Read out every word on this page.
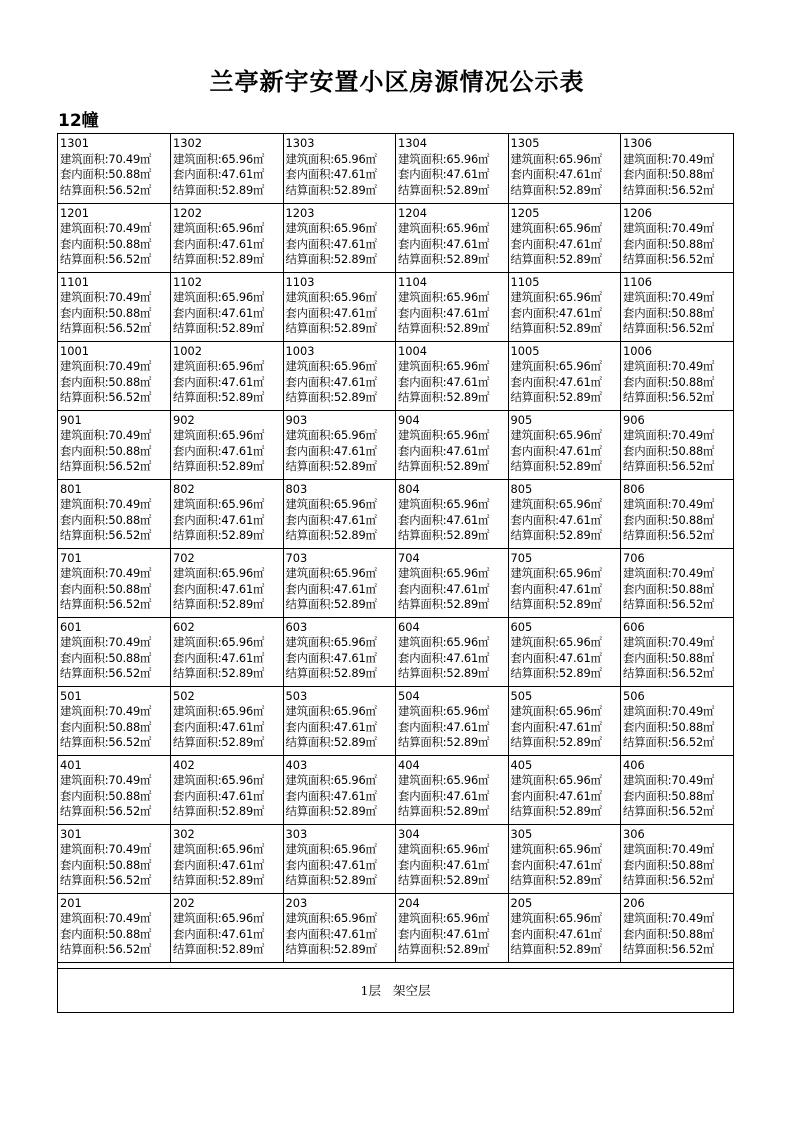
兰亭新宇安置小区房源情况公示表
12幢
1301
建筑面积:70.49㎡
套内面积:50.88㎡
结算面积:56.52㎡	1302
建筑面积:65.96㎡
套内面积:47.61㎡
结算面积:52.89㎡	1303
建筑面积:65.96㎡
套内面积:47.61㎡
结算面积:52.89㎡	1304
建筑面积:65.96㎡
套内面积:47.61㎡
结算面积:52.89㎡	1305
建筑面积:65.96㎡
套内面积:47.61㎡
结算面积:52.89㎡	1306
建筑面积:70.49㎡
套内面积:50.88㎡
结算面积:56.52㎡

1201
建筑面积:70.49㎡
套内面积:50.88㎡
结算面积:56.52㎡	1202
建筑面积:65.96㎡
套内面积:47.61㎡
结算面积:52.89㎡	1203
建筑面积:65.96㎡
套内面积:47.61㎡
结算面积:52.89㎡	1204
建筑面积:65.96㎡
套内面积:47.61㎡
结算面积:52.89㎡	1205
建筑面积:65.96㎡
套内面积:47.61㎡
结算面积:52.89㎡	1206
建筑面积:70.49㎡
套内面积:50.88㎡
结算面积:56.52㎡

1101
建筑面积:70.49㎡
套内面积:50.88㎡
结算面积:56.52㎡	1102
建筑面积:65.96㎡
套内面积:47.61㎡
结算面积:52.89㎡	1103
建筑面积:65.96㎡
套内面积:47.61㎡
结算面积:52.89㎡	1104
建筑面积:65.96㎡
套内面积:47.61㎡
结算面积:52.89㎡	1105
建筑面积:65.96㎡
套内面积:47.61㎡
结算面积:52.89㎡	1106
建筑面积:70.49㎡
套内面积:50.88㎡
结算面积:56.52㎡

1001
建筑面积:70.49㎡
套内面积:50.88㎡
结算面积:56.52㎡	1002
建筑面积:65.96㎡
套内面积:47.61㎡
结算面积:52.89㎡	1003
建筑面积:65.96㎡
套内面积:47.61㎡
结算面积:52.89㎡	1004
建筑面积:65.96㎡
套内面积:47.61㎡
结算面积:52.89㎡	1005
建筑面积:65.96㎡
套内面积:47.61㎡
结算面积:52.89㎡	1006
建筑面积:70.49㎡
套内面积:50.88㎡
结算面积:56.52㎡

901
建筑面积:70.49㎡
套内面积:50.88㎡
结算面积:56.52㎡	902
建筑面积:65.96㎡
套内面积:47.61㎡
结算面积:52.89㎡	903
建筑面积:65.96㎡
套内面积:47.61㎡
结算面积:52.89㎡	904
建筑面积:65.96㎡
套内面积:47.61㎡
结算面积:52.89㎡	905
建筑面积:65.96㎡
套内面积:47.61㎡
结算面积:52.89㎡	906
建筑面积:70.49㎡
套内面积:50.88㎡
结算面积:56.52㎡

801
建筑面积:70.49㎡
套内面积:50.88㎡
结算面积:56.52㎡	802
建筑面积:65.96㎡
套内面积:47.61㎡
结算面积:52.89㎡	803
建筑面积:65.96㎡
套内面积:47.61㎡
结算面积:52.89㎡	804
建筑面积:65.96㎡
套内面积:47.61㎡
结算面积:52.89㎡	805
建筑面积:65.96㎡
套内面积:47.61㎡
结算面积:52.89㎡	806
建筑面积:70.49㎡
套内面积:50.88㎡
结算面积:56.52㎡

701
建筑面积:70.49㎡
套内面积:50.88㎡
结算面积:56.52㎡	702
建筑面积:65.96㎡
套内面积:47.61㎡
结算面积:52.89㎡	703
建筑面积:65.96㎡
套内面积:47.61㎡
结算面积:52.89㎡	704
建筑面积:65.96㎡
套内面积:47.61㎡
结算面积:52.89㎡	705
建筑面积:65.96㎡
套内面积:47.61㎡
结算面积:52.89㎡	706
建筑面积:70.49㎡
套内面积:50.88㎡
结算面积:56.52㎡

601
建筑面积:70.49㎡
套内面积:50.88㎡
结算面积:56.52㎡	602
建筑面积:65.96㎡
套内面积:47.61㎡
结算面积:52.89㎡	603
建筑面积:65.96㎡
套内面积:47.61㎡
结算面积:52.89㎡	604
建筑面积:65.96㎡
套内面积:47.61㎡
结算面积:52.89㎡	605
建筑面积:65.96㎡
套内面积:47.61㎡
结算面积:52.89㎡	606
建筑面积:70.49㎡
套内面积:50.88㎡
结算面积:56.52㎡

501
建筑面积:70.49㎡
套内面积:50.88㎡
结算面积:56.52㎡	502
建筑面积:65.96㎡
套内面积:47.61㎡
结算面积:52.89㎡	503
建筑面积:65.96㎡
套内面积:47.61㎡
结算面积:52.89㎡	504
建筑面积:65.96㎡
套内面积:47.61㎡
结算面积:52.89㎡	505
建筑面积:65.96㎡
套内面积:47.61㎡
结算面积:52.89㎡	506
建筑面积:70.49㎡
套内面积:50.88㎡
结算面积:56.52㎡

401
建筑面积:70.49㎡
套内面积:50.88㎡
结算面积:56.52㎡	402
建筑面积:65.96㎡
套内面积:47.61㎡
结算面积:52.89㎡	403
建筑面积:65.96㎡
套内面积:47.61㎡
结算面积:52.89㎡	404
建筑面积:65.96㎡
套内面积:47.61㎡
结算面积:52.89㎡	405
建筑面积:65.96㎡
套内面积:47.61㎡
结算面积:52.89㎡	406
建筑面积:70.49㎡
套内面积:50.88㎡
结算面积:56.52㎡

301
建筑面积:70.49㎡
套内面积:50.88㎡
结算面积:56.52㎡	302
建筑面积:65.96㎡
套内面积:47.61㎡
结算面积:52.89㎡	303
建筑面积:65.96㎡
套内面积:47.61㎡
结算面积:52.89㎡	304
建筑面积:65.96㎡
套内面积:47.61㎡
结算面积:52.89㎡	305
建筑面积:65.96㎡
套内面积:47.61㎡
结算面积:52.89㎡	306
建筑面积:70.49㎡
套内面积:50.88㎡
结算面积:56.52㎡

201
建筑面积:70.49㎡
套内面积:50.88㎡
结算面积:56.52㎡	202
建筑面积:65.96㎡
套内面积:47.61㎡
结算面积:52.89㎡	203
建筑面积:65.96㎡
套内面积:47.61㎡
结算面积:52.89㎡	204
建筑面积:65.96㎡
套内面积:47.61㎡
结算面积:52.89㎡	205
建筑面积:65.96㎡
套内面积:47.61㎡
结算面积:52.89㎡	206
建筑面积:70.49㎡
套内面积:50.88㎡
结算面积:56.52㎡
1层 架空层
